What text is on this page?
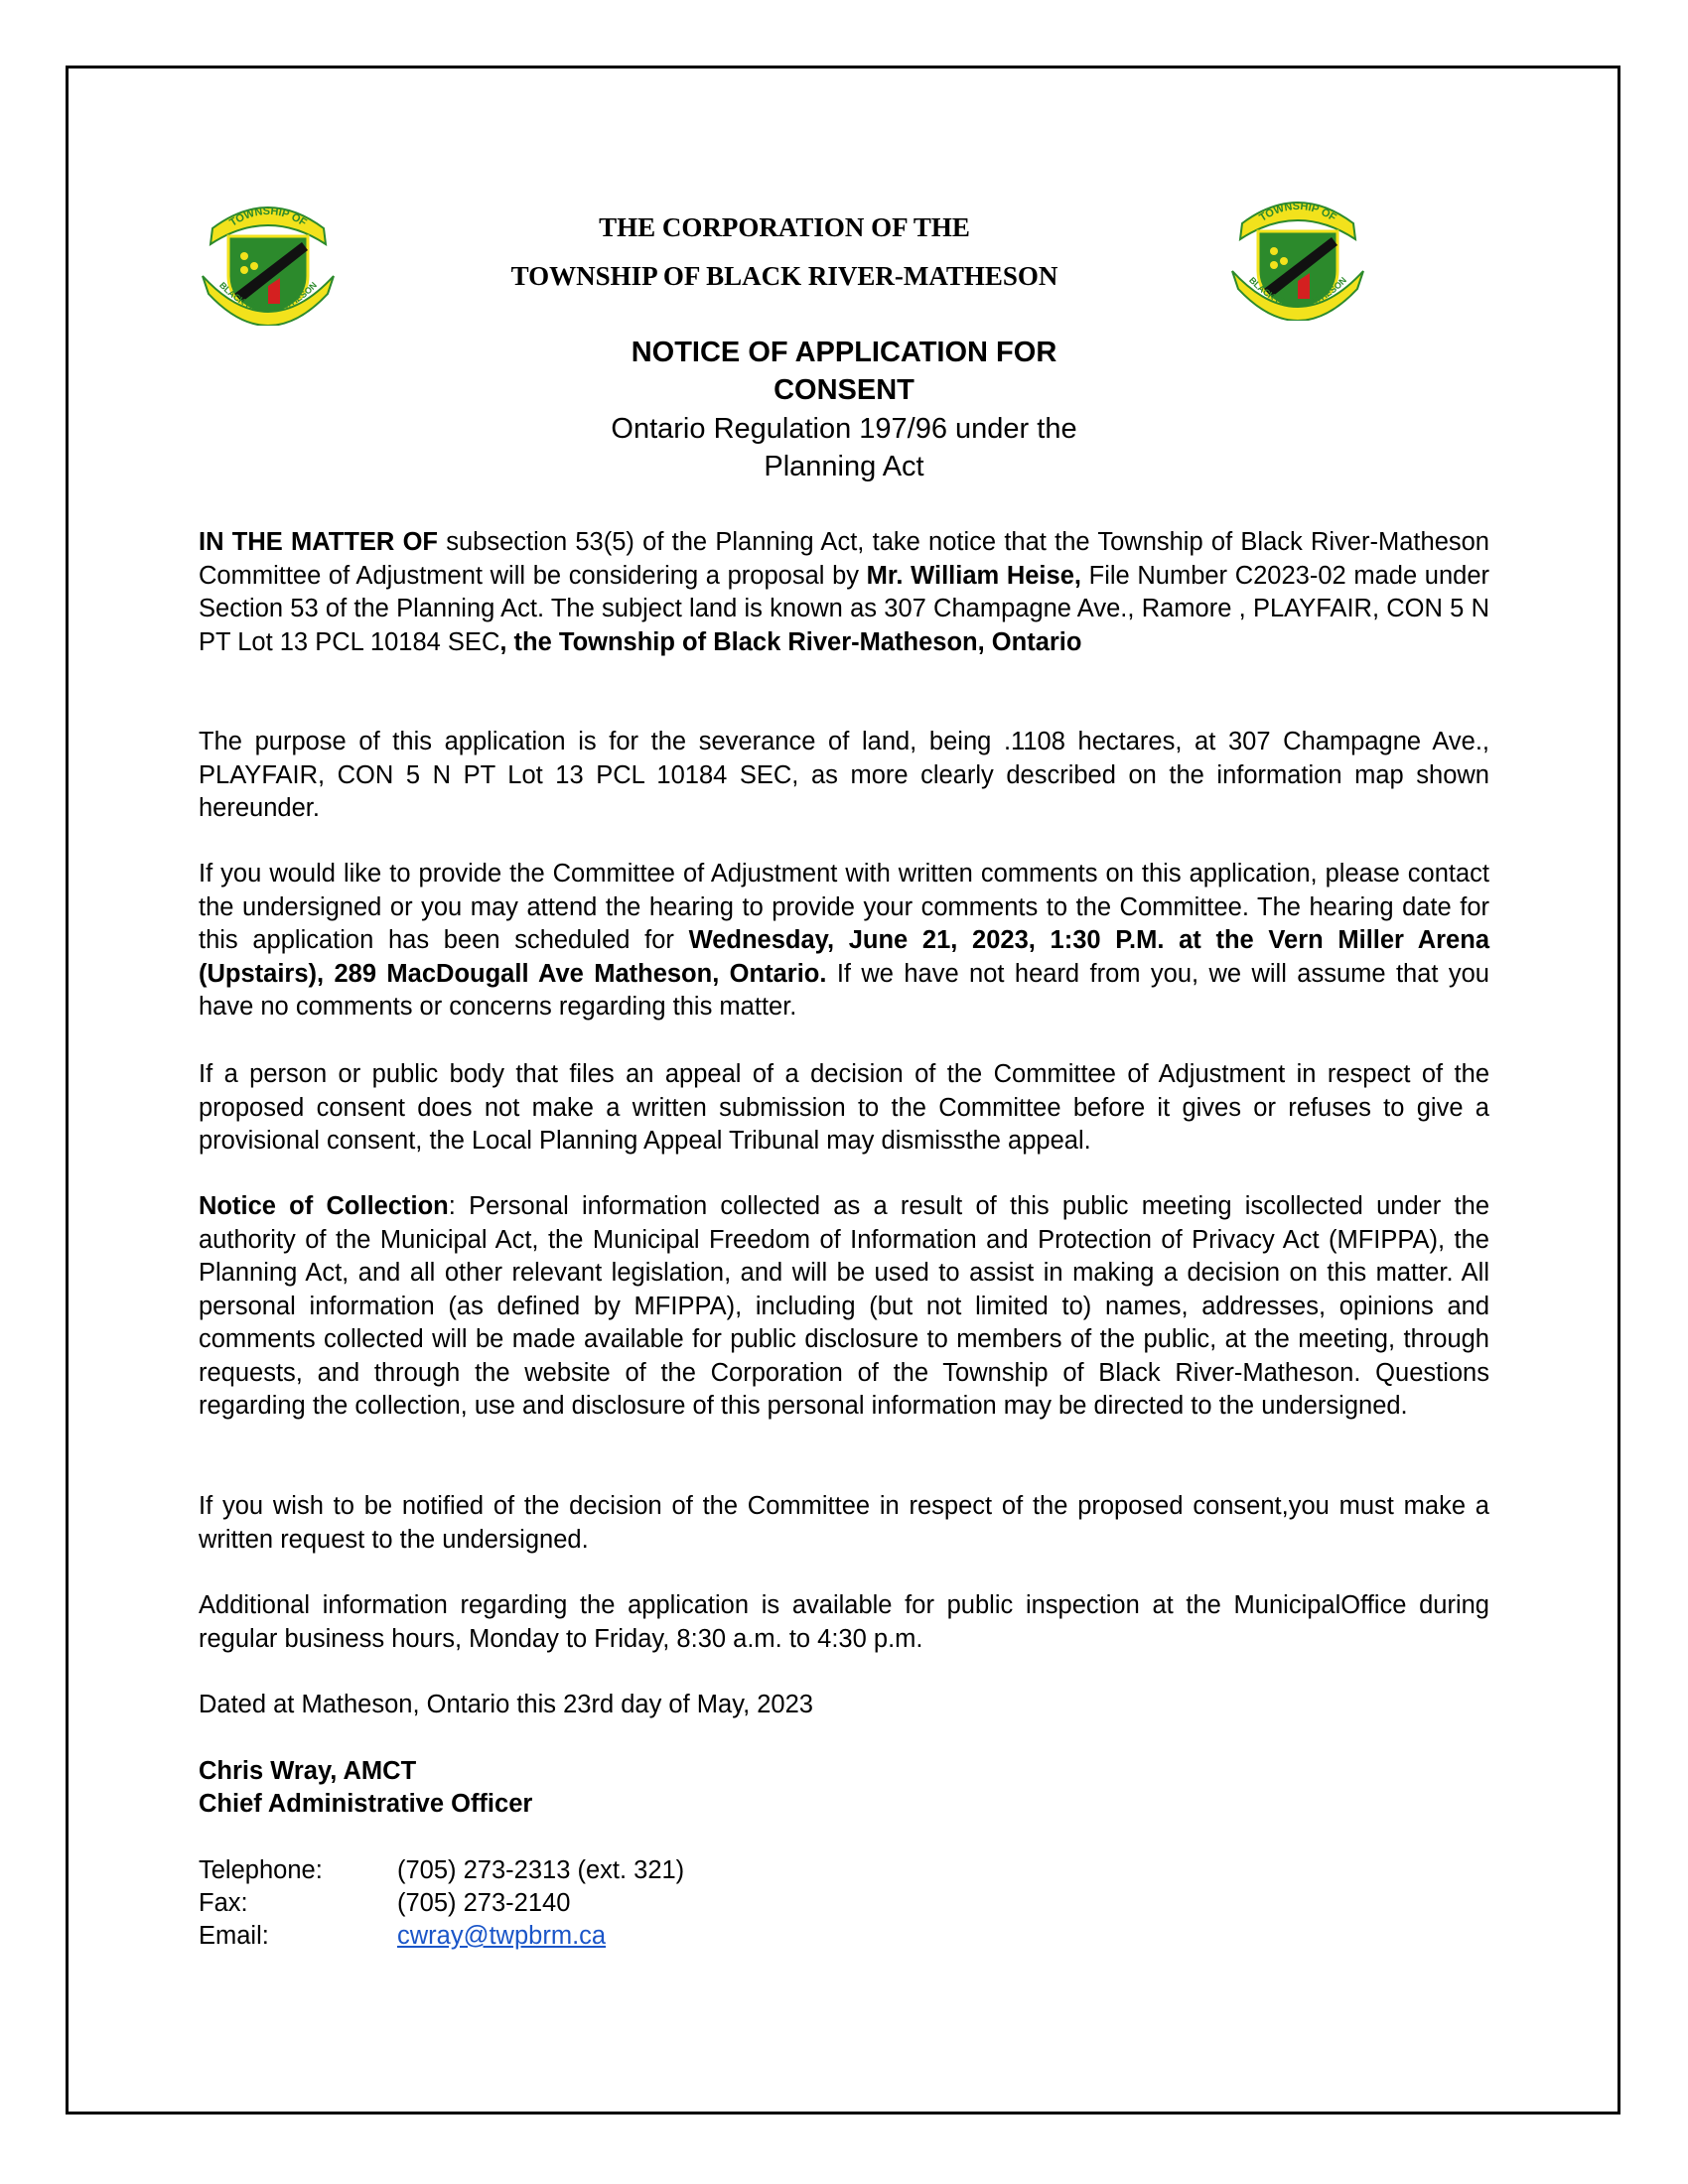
TOWNSHIP OF
BLACK RIVER-MATHESON
TOWNSHIP OF
BLACK RIVER-MATHESON
THE CORPORATION OF THE
TOWNSHIP OF BLACK RIVER-MATHESON
NOTICE OF APPLICATION FOR
CONSENT
Ontario Regulation 197/96 under the
Planning Act

IN THE MATTER OF subsection 53(5) of the Planning Act, take notice that the Township of Black River-Matheson Committee of Adjustment will be considering a proposal by Mr. William Heise, File Number C2023-02 made under Section 53 of the Planning Act. The subject land is known as 307 Champagne Ave., Ramore , PLAYFAIR, CON 5 N PT Lot 13 PCL 10184 SEC, the Township of Black River-Matheson, Ontario

The purpose of this application is for the severance of land, being .1108 hectares, at 307 Champagne Ave., PLAYFAIR, CON 5 N PT Lot 13 PCL 10184 SEC, as more clearly described on the information map shown hereunder.

If you would like to provide the Committee of Adjustment with written comments on this application, please contact the undersigned or you may attend the hearing to provide your comments to the Committee. The hearing date for this application has been scheduled for Wednesday, June 21, 2023, 1:30 P.M. at the Vern Miller Arena (Upstairs), 289 MacDougall Ave Matheson, Ontario. If we have not heard from you, we will assume that you have no comments or concerns regarding this matter.

If a person or public body that files an appeal of a decision of the Committee of Adjustment in respect of the proposed consent does not make a written submission to the Committee before it gives or refuses to give a provisional consent, the Local Planning Appeal Tribunal may dismissthe appeal.

Notice of Collection: Personal information collected as a result of this public meeting iscollected under the authority of the Municipal Act, the Municipal Freedom of Information and Protection of Privacy Act (MFIPPA), the Planning Act, and all other relevant legislation, and will be used to assist in making a decision on this matter. All personal information (as defined by MFIPPA), including (but not limited to) names, addresses, opinions and comments collected will be made available for public disclosure to members of the public, at the meeting, through requests, and through the website of the Corporation of the Township of Black River-Matheson. Questions regarding the collection, use and disclosure of this personal information may be directed to the undersigned.

If you wish to be notified of the decision of the Committee in respect of the proposed consent,you must make a written request to the undersigned.

Additional information regarding the application is available for public inspection at the MunicipalOffice during regular business hours, Monday to Friday, 8:30 a.m. to 4:30 p.m.

Dated at Matheson, Ontario this 23rd day of May, 2023
Chris Wray, AMCT
Chief Administrative Officer
Telephone:	(705) 273-2313 (ext. 321)
Fax:	(705) 273-2140
Email:	cwray@twpbrm.ca
